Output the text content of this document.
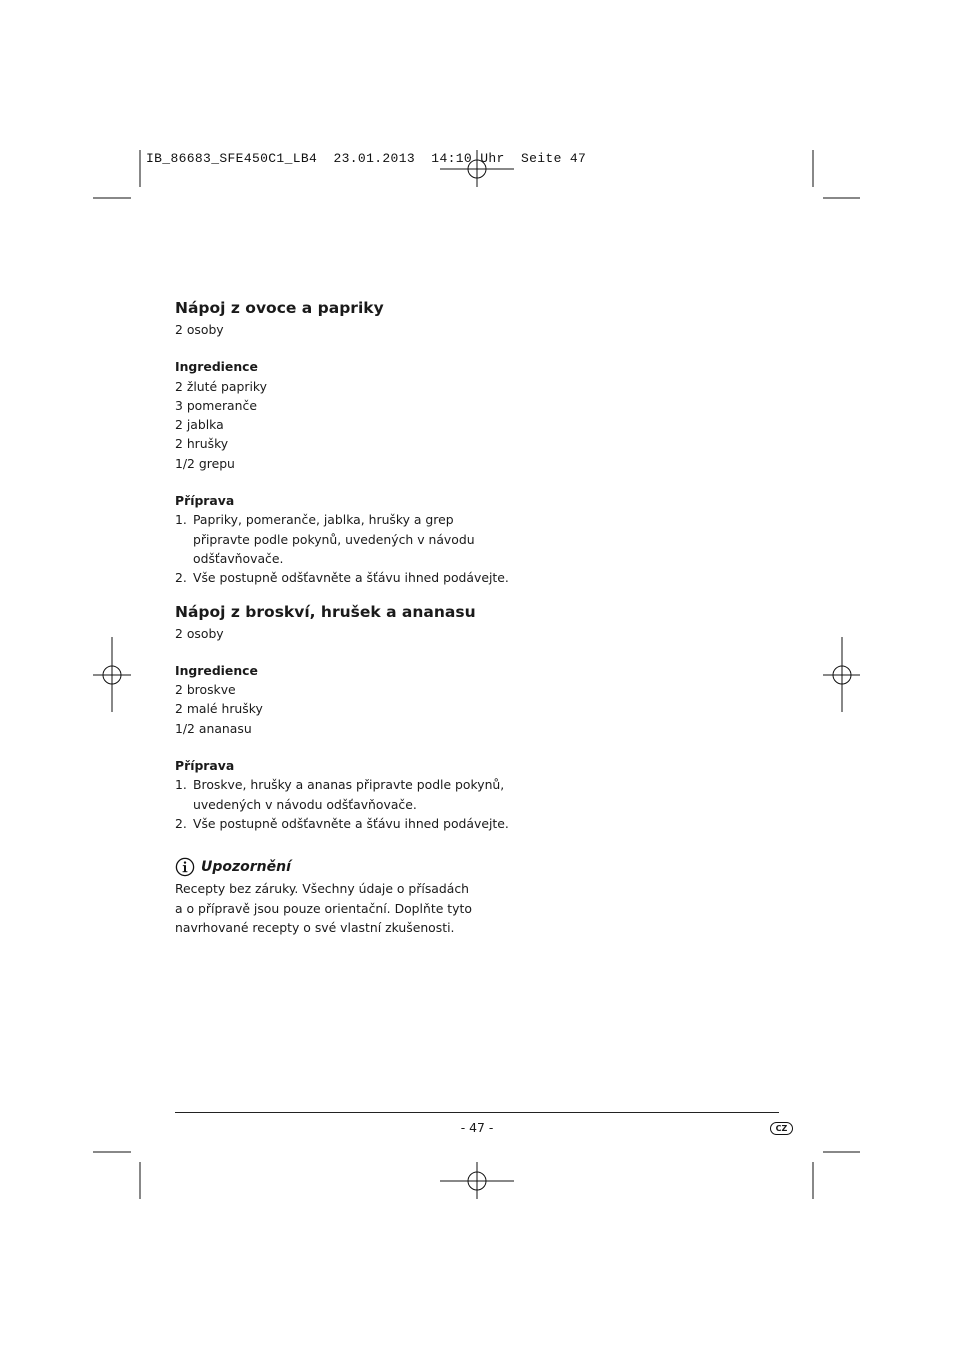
IB_86683_SFE450C1_LB4  23.01.2013  14:10 Uhr  Seite 47
Nápoj z ovoce a papriky

2 osoby

Ingredience

2 žluté papriky

3 pomeranče

2 jablka

2 hrušky

1/2 grepu

Příprava

1. Papriky, pomeranče, jablka, hrušky a grep
připravte podle pokynů, uvedených v návodu
odšťavňovače.
2. Vše postupně odšťavněte a šťávu ihned podávejte.
Nápoj z broskví, hrušek a ananasu

2 osoby

Ingredience

2 broskve

2 malé hrušky

1/2 ananasu

Příprava

1. Broskve, hrušky a ananas připravte podle pokynů,
uvedených v návodu odšťavňovače.
2. Vše postupně odšťavněte a šťávu ihned podávejte.
Upozornění

Recepty bez záruky. Všechny údaje o přísadách

a o přípravě jsou pouze orientační. Doplňte tyto

navrhované recepty o své vlastní zkušenosti.

- 47 -	CZ
